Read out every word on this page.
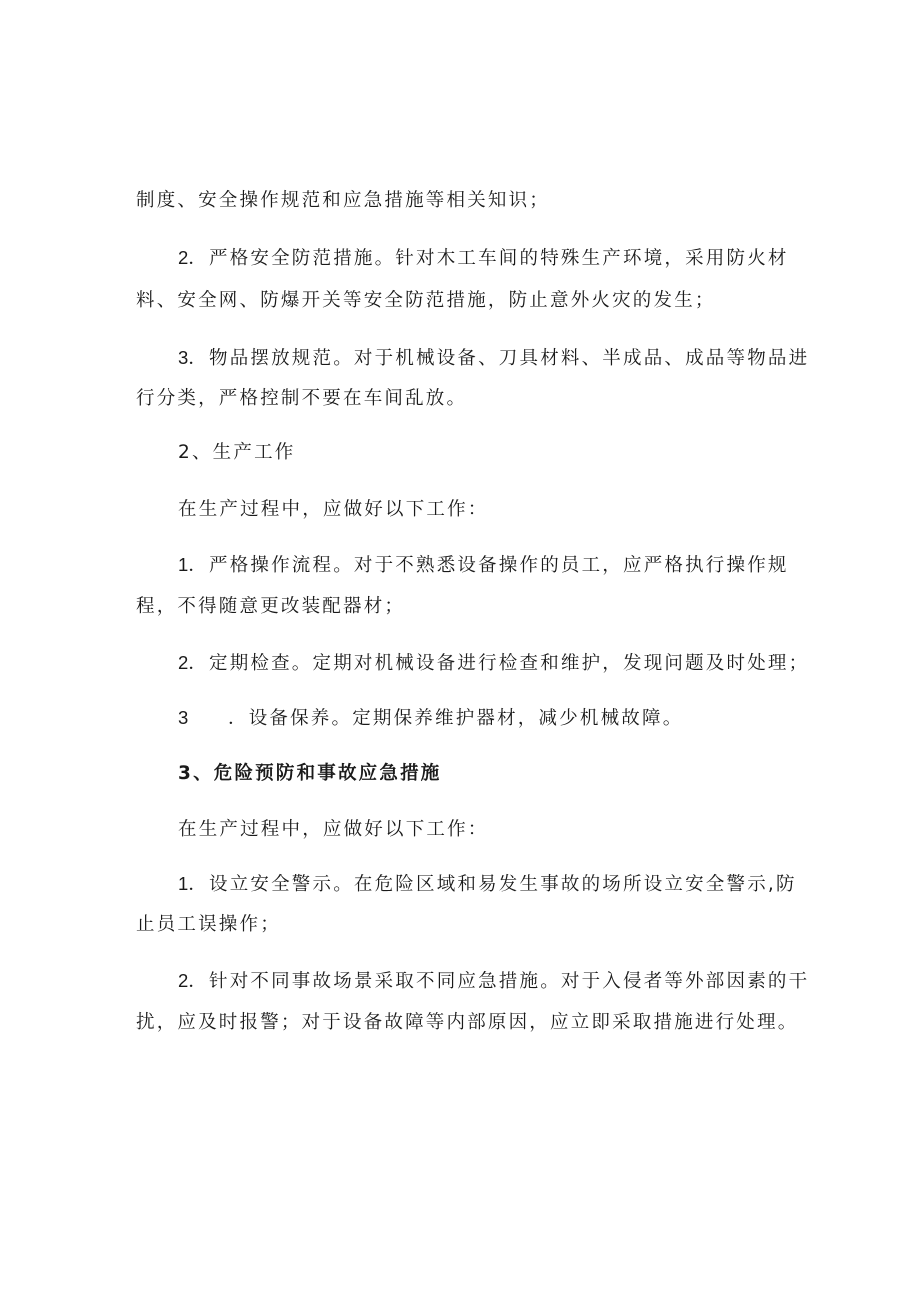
制度、安全操作规范和应急措施等相关知识；
2．严格安全防范措施。针对木工车间的特殊生产环境，采用防火材
料、安全网、防爆开关等安全防范措施，防止意外火灾的发生；
3．物品摆放规范。对于机械设备、刀具材料、半成品、成品等物品进
行分类，严格控制不要在车间乱放。
2、生产工作
在生产过程中，应做好以下工作：
1．严格操作流程。对于不熟悉设备操作的员工，应严格执行操作规
程，不得随意更改装配器材；
2．定期检查。定期对机械设备进行检查和维护，发现问题及时处理；
3 ．设备保养。定期保养维护器材，减少机械故障。
3、危险预防和事故应急措施
在生产过程中，应做好以下工作：
1．设立安全警示。在危险区域和易发生事故的场所设立安全警示,防
止员工误操作；
2．针对不同事故场景采取不同应急措施。对于入侵者等外部因素的干
扰，应及时报警；对于设备故障等内部原因，应立即采取措施进行处理。
